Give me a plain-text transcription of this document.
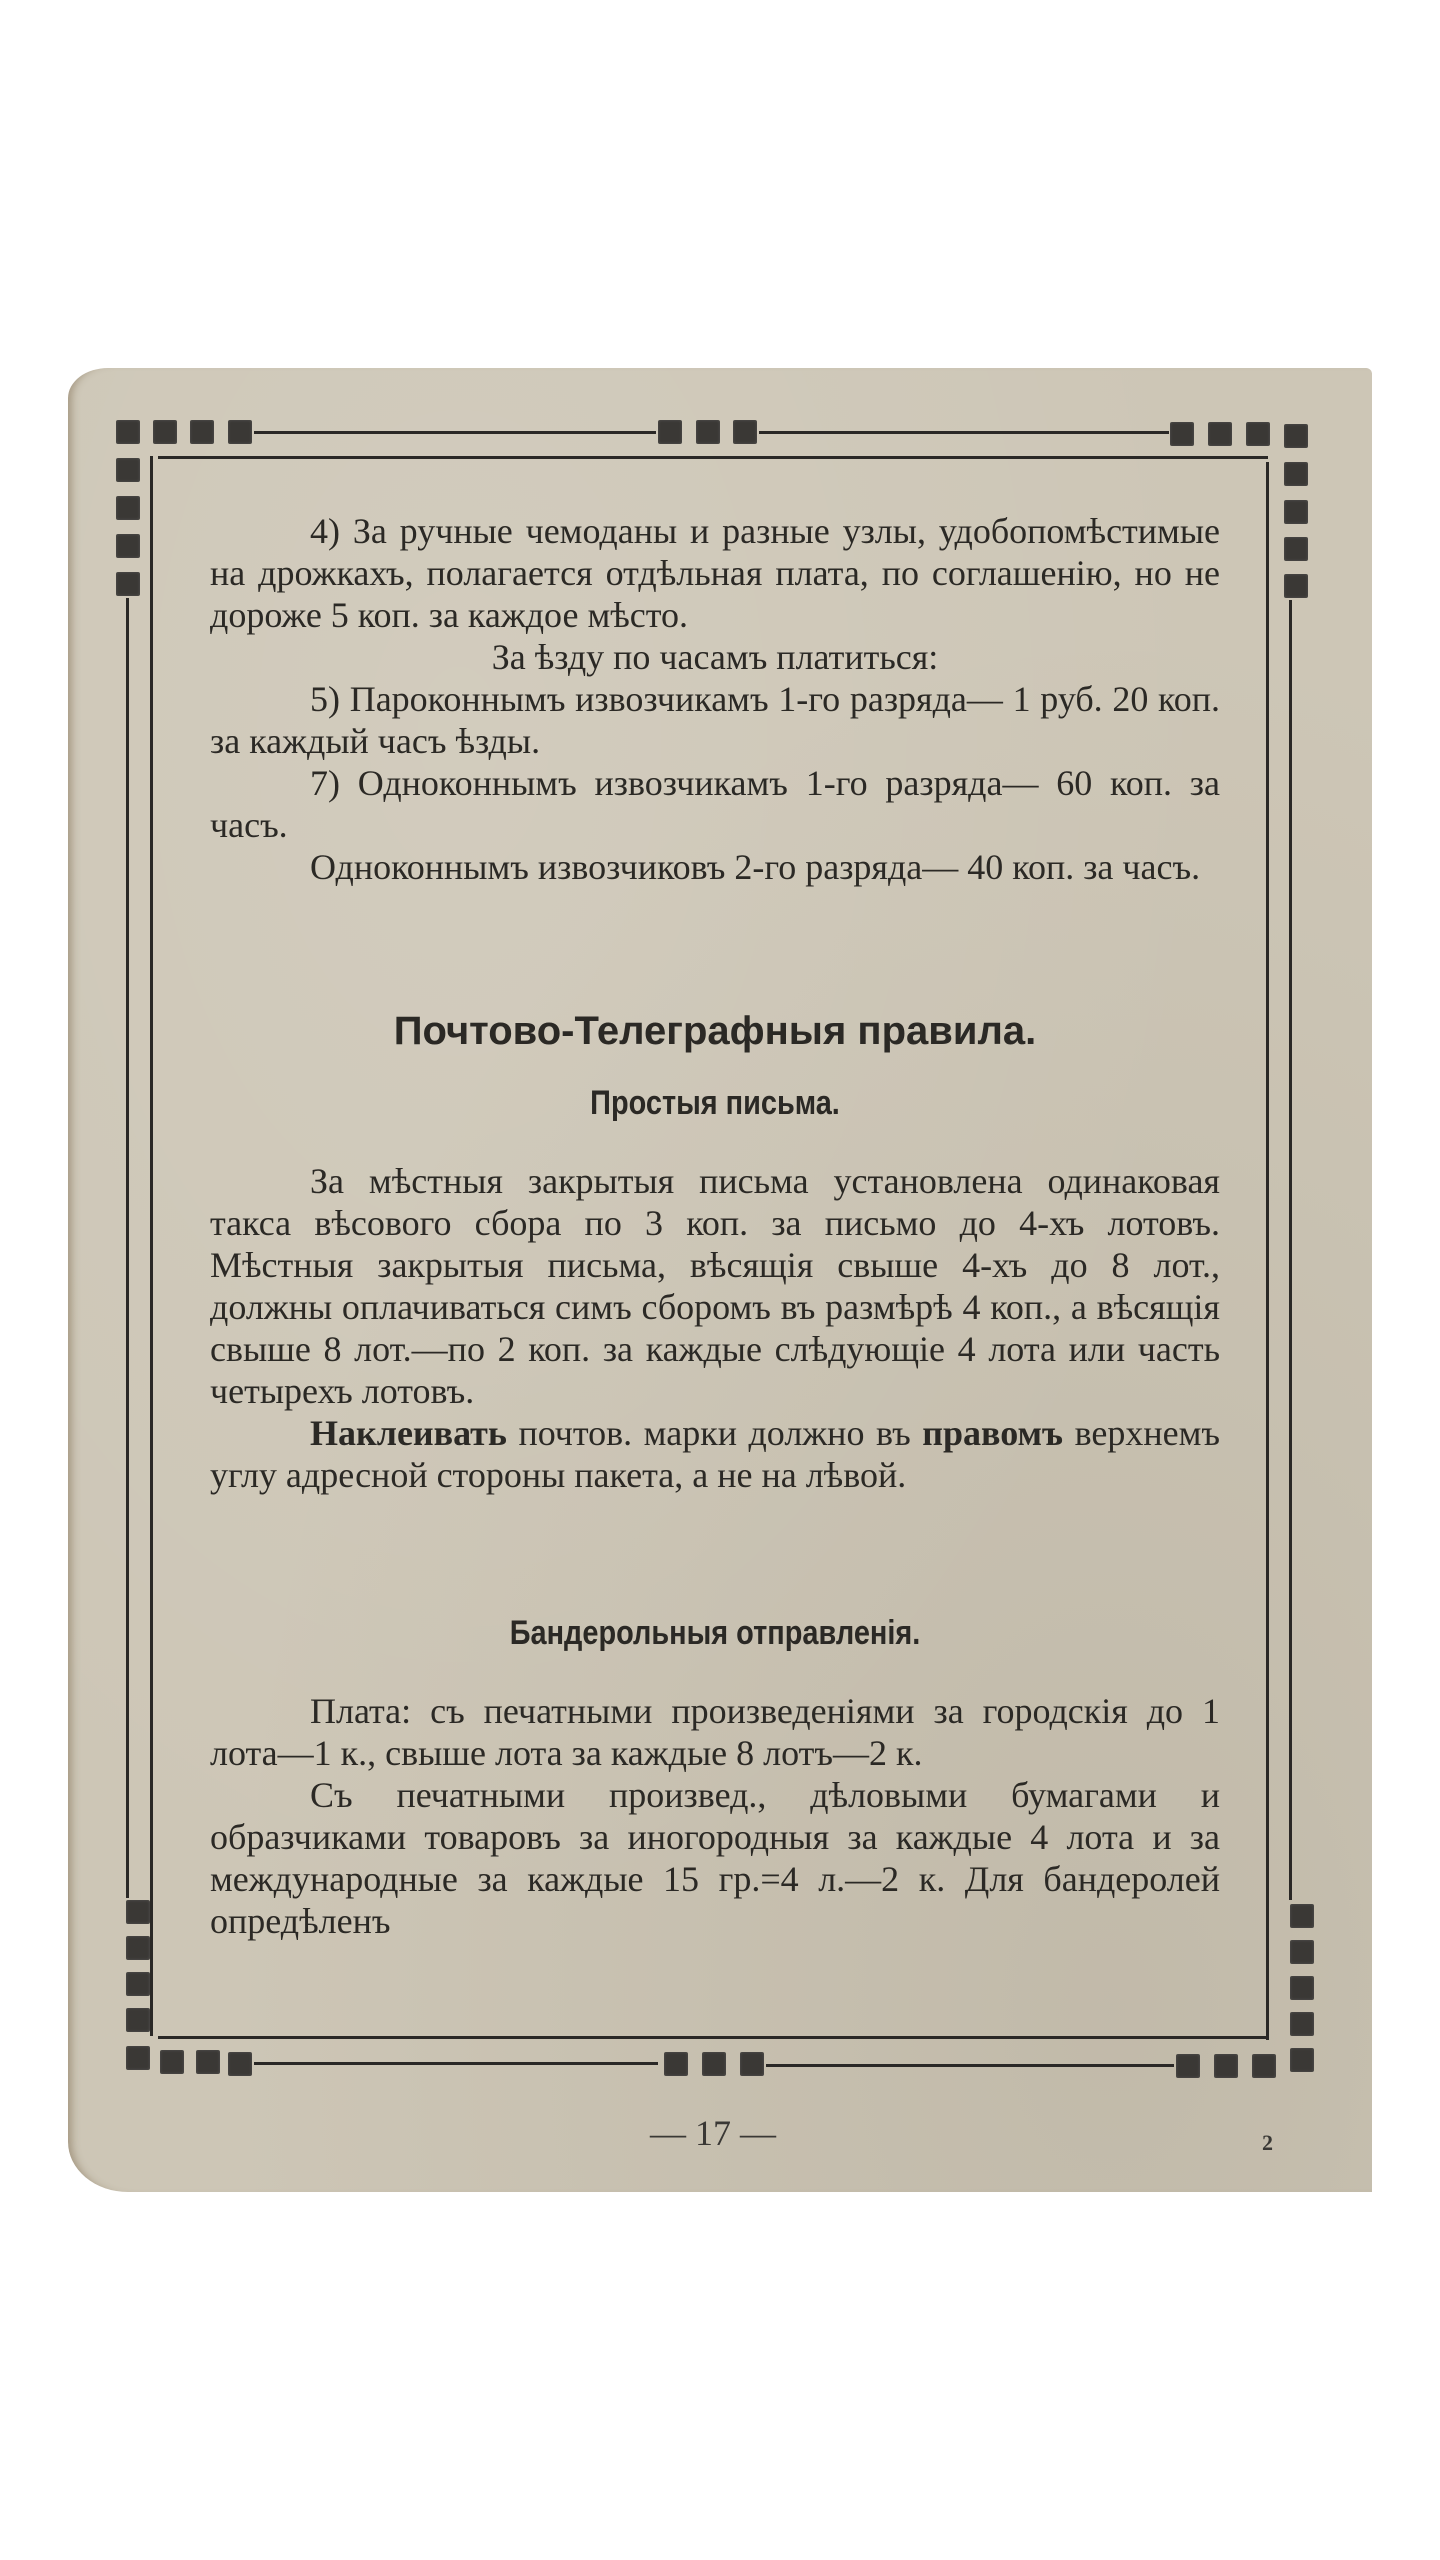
4) За ручные чемоданы и разные узлы, удобопомѣстимые на дрожкахъ, полагается отдѣльная плата, по соглашенію, но не дороже 5 коп. за каждое мѣсто.

За ѣзду по часамъ платиться:

5) Пароконнымъ извозчикамъ 1-го разряда— 1 руб. 20 коп. за каждый часъ ѣзды.

7) Одноконнымъ извозчикамъ 1-го разряда— 60 коп. за часъ.

Одноконнымъ извозчиковъ 2-го разряда— 40 коп. за часъ.

Почтово-Телеграфныя правила.
Простыя письма.

За мѣстныя закрытыя письма установлена одинаковая такса вѣсового сбора по 3 коп. за письмо до 4-хъ лотовъ. Мѣстныя закрытыя письма, вѣсящія свыше 4-хъ до 8 лот., должны оплачиваться симъ сборомъ въ размѣрѣ 4 коп., а вѣсящія свыше 8 лот.—по 2 коп. за каждые слѣдующіе 4 лота или часть четырехъ лотовъ.

Наклеивать почтов. марки должно въ правомъ верхнемъ углу адресной стороны пакета, а не на лѣвой.

Бандерольныя отправленія.

Плата: съ печатными произведеніями за городскія до 1 лота—1 к., свыше лота за каждые 8 лотъ—2 к.

Съ печатными произвед., дѣловыми бумагами и образчиками товаровъ за иногородныя за каждые 4 лота и за международные за каждые 15 гр.=4 л.—2 к. Для бандеролей опредѣленъ

— 17 —	2
